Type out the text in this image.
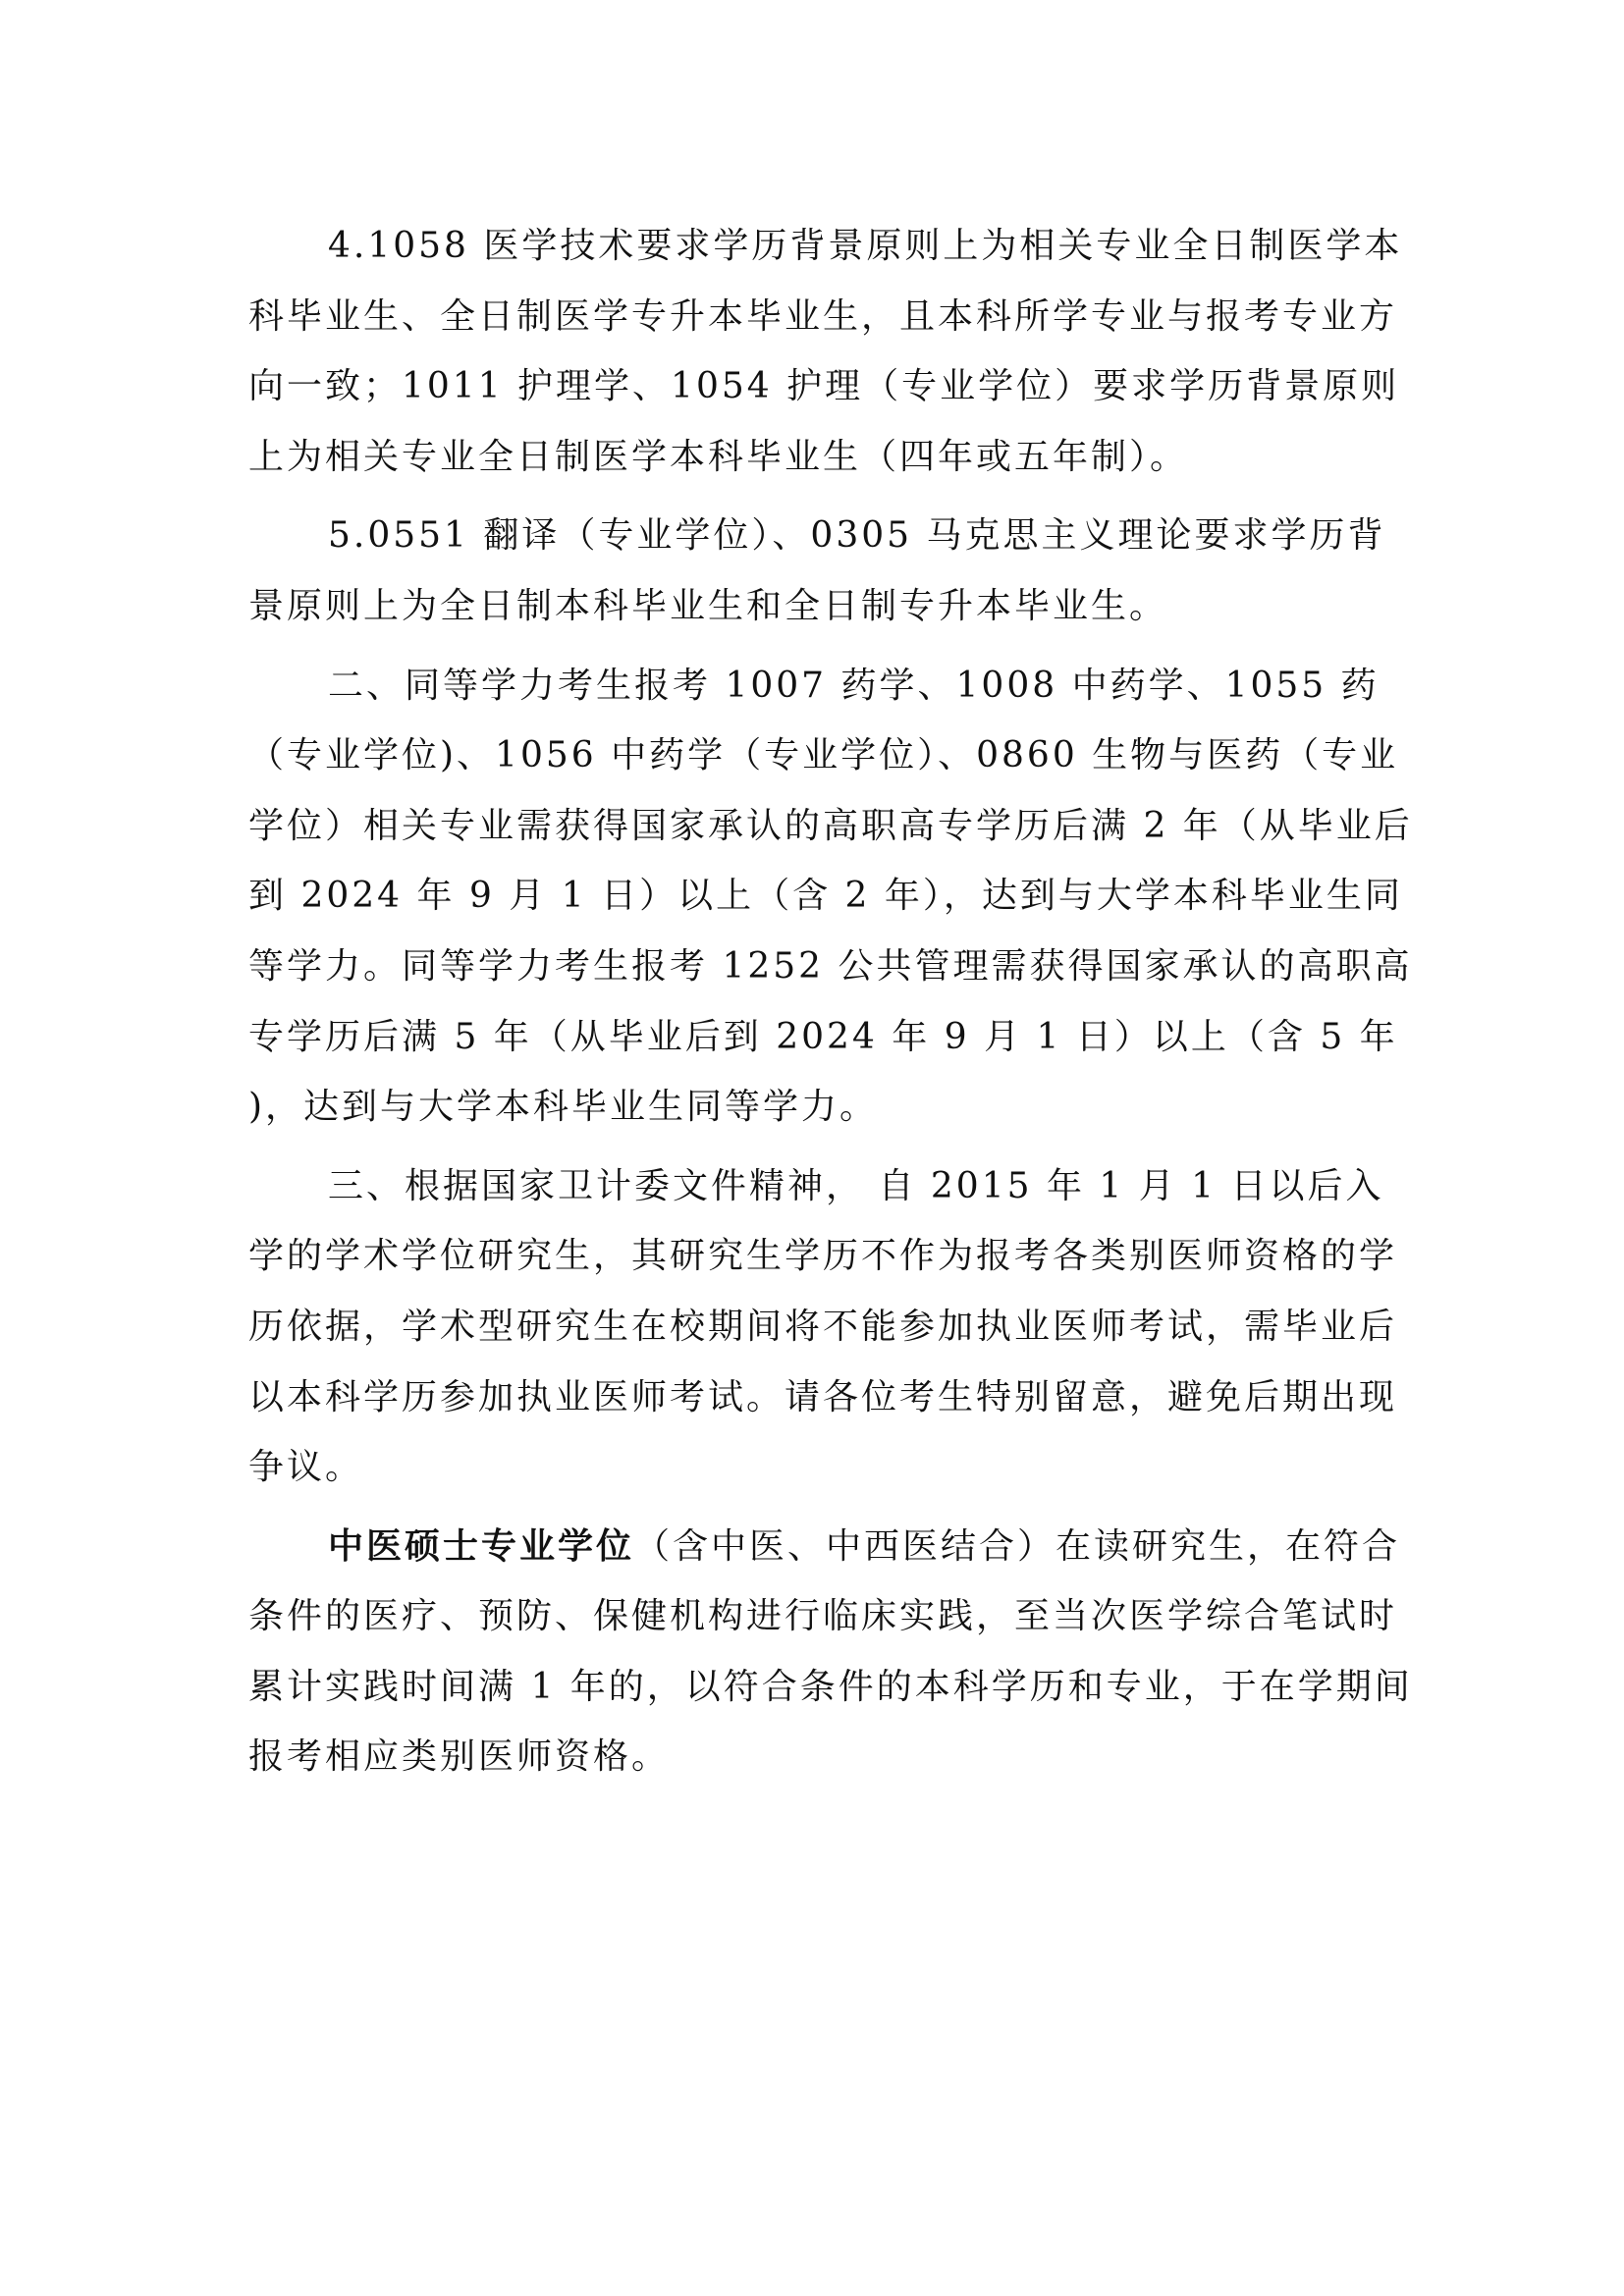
4.1058 医学技术要求学历背景原则上为相关专业全日制医学本科毕业生、全日制医学专升本毕业生，且本科所学专业与报考专业方向一致；1011 护理学、1054 护理（专业学位）要求学历背景原则上为相关专业全日制医学本科毕业生（四年或五年制）。

5.0551 翻译（专业学位）、0305 马克思主义理论要求学历背景原则上为全日制本科毕业生和全日制专升本毕业生。

二、同等学力考生报考 1007 药学、1008 中药学、1055 药（专业学位)、1056 中药学（专业学位）、0860 生物与医药（专业学位）相关专业需获得国家承认的高职高专学历后满 2 年（从毕业后到 2024 年 9 月 1 日）以上（含 2 年），达到与大学本科毕业生同等学力。同等学力考生报考 1252 公共管理需获得国家承认的高职高专学历后满 5 年（从毕业后到 2024 年 9 月 1 日）以上（含 5 年 )，达到与大学本科毕业生同等学力。

三、根据国家卫计委文件精神， 自 2015 年 1 月 1 日以后入学的学术学位研究生，其研究生学历不作为报考各类别医师资格的学历依据，学术型研究生在校期间将不能参加执业医师考试，需毕业后以本科学历参加执业医师考试。请各位考生特别留意，避免后期出现争议。

中医硕士专业学位（含中医、中西医结合）在读研究生，在符合条件的医疗、预防、保健机构进行临床实践，至当次医学综合笔试时累计实践时间满 1 年的，以符合条件的本科学历和专业，于在学期间报考相应类别医师资格。
